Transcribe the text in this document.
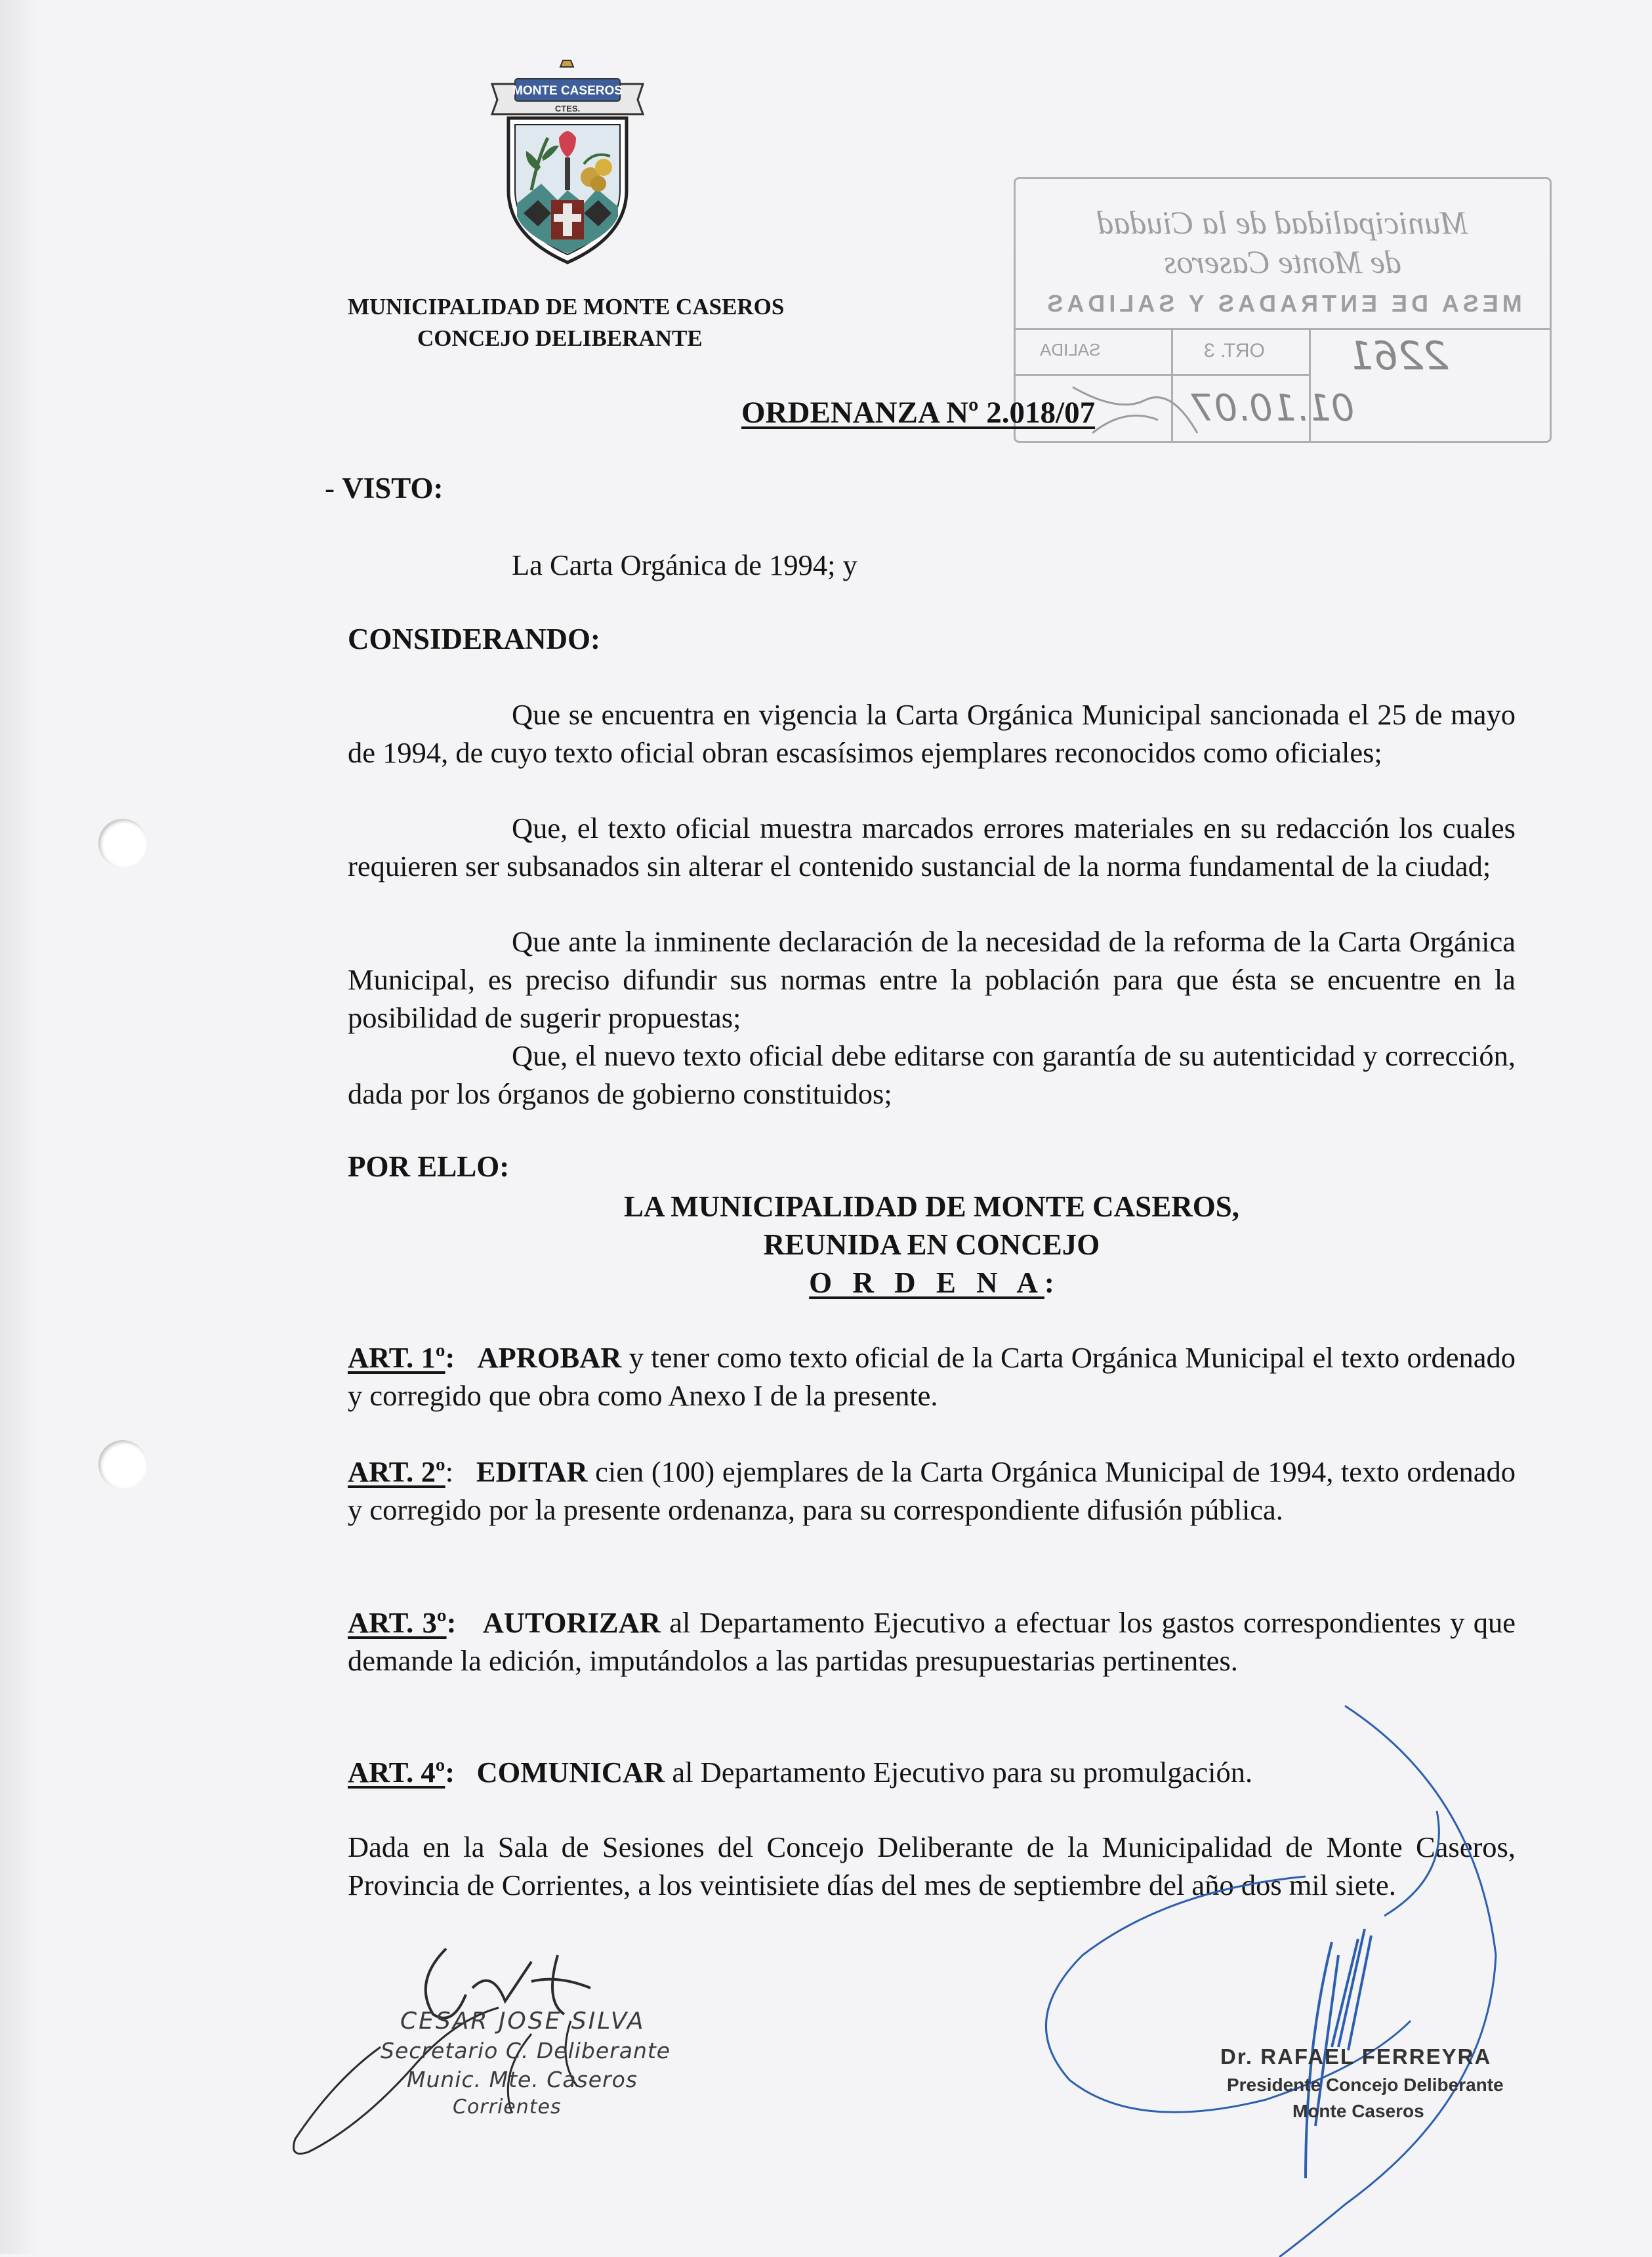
MONTE CASEROS
CTES.
MUNICIPALIDAD DE MONTE CASEROS
CONCEJO DELIBERANTE
Municipalidad de la Ciudad
de Monte Caseros
MESA DE ENTRADAS Y SALIDAS
SALIDA	ORT. 3 2261
01.10.07
ORDENANZA Nº 2.018/07
- VISTO:
La Carta Orgánica de 1994; y
CONSIDERANDO:
Que se encuentra en vigencia la Carta Orgánica Municipal sancionada el 25 de mayo de 1994, de cuyo texto oficial obran escasísimos ejemplares reconocidos como oficiales;
Que, el texto oficial muestra marcados errores materiales en su redacción los cuales requieren ser subsanados sin alterar el contenido sustancial de la norma fundamental de la ciudad;
Que ante la inminente declaración de la necesidad de la reforma de la Carta Orgánica Municipal, es preciso difundir sus normas entre la población para que ésta se encuentre en la posibilidad de sugerir propuestas;
Que, el nuevo texto oficial debe editarse con garantía de su autenticidad y corrección, dada por los órganos de gobierno constituidos;
POR ELLO:
LA MUNICIPALIDAD DE MONTE CASEROS,
REUNIDA EN CONCEJO
O R D E N A:
ART. 1º: APROBAR y tener como texto oficial de la Carta Orgánica Municipal el texto ordenado y corregido que obra como Anexo I de la presente.
ART. 2º: EDITAR cien (100) ejemplares de la Carta Orgánica Municipal de 1994, texto ordenado y corregido por la presente ordenanza, para su correspondiente difusión pública.
ART. 3º: AUTORIZAR al Departamento Ejecutivo a efectuar los gastos correspondientes y que demande la edición, imputándolos a las partidas presupuestarias pertinentes.
ART. 4º: COMUNICAR al Departamento Ejecutivo para su promulgación.
Dada en la Sala de Sesiones del Concejo Deliberante de la Municipalidad de Monte Caseros, Provincia de Corrientes, a los veintisiete días del mes de septiembre del año dos mil siete.
CESAR JOSE SILVA
Secretario C. Deliberante
Munic. Mte. Caseros
Corrientes
Dr. RAFAEL FERREYRA
Presidente Concejo Deliberante
Monte Caseros
